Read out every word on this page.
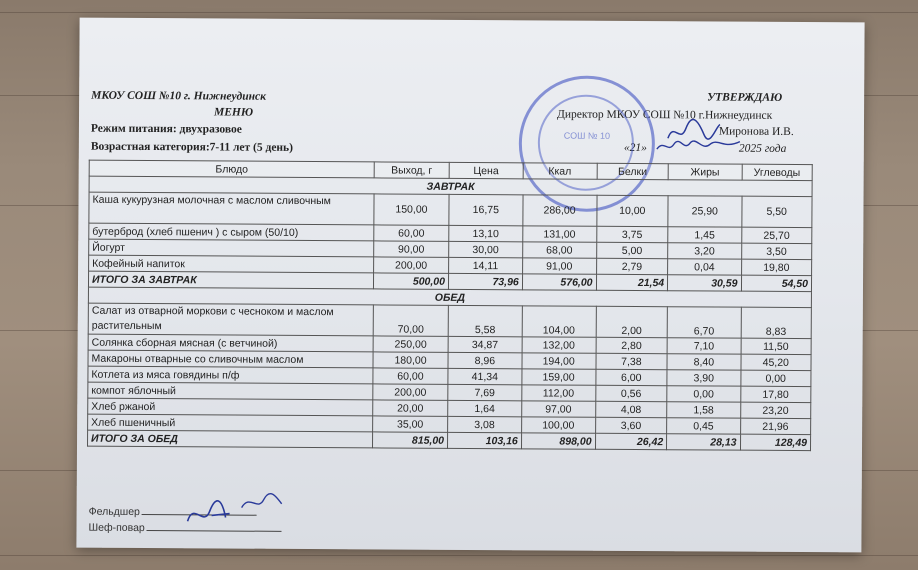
МКОУ СОШ №10 г. Нижнеудинск
МЕНЮ
Режим питания: двухразовое
Возрастная категория:7-11 лет (5 день)
УТВЕРЖДАЮ
Директор МКОУ СОШ №10 г.Нижнеудинск
Миронова И.В.
«21»	2025 года
СОШ № 10
Блюдо	Выход, г	Цена	Ккал	Белки	Жиры	Углеводы
ЗАВТРАК						
Каша кукурузная молочная с маслом сливочным	150,00	16,75	286,00	10,00	25,90	5,50
бутерброд (хлеб пшенич ) с сыром (50/10)	60,00	13,10	131,00	3,75	1,45	25,70
Йогурт	90,00	30,00	68,00	5,00	3,20	3,50
Кофейный напиток	200,00	14,11	91,00	2,79	0,04	19,80
ИТОГО ЗА ЗАВТРАК	500,00	73,96	576,00	21,54	30,59	54,50
ОБЕД						
Салат из отварной моркови с чесноком и маслом растительным	70,00	5,58	104,00	2,00	6,70	8,83
Солянка сборная мясная (с ветчиной)	250,00	34,87	132,00	2,80	7,10	11,50
Макароны отварные со сливочным маслом	180,00	8,96	194,00	7,38	8,40	45,20
Котлета из мяса говядины п/ф	60,00	41,34	159,00	6,00	3,90	0,00
компот яблочный	200,00	7,69	112,00	0,56	0,00	17,80
Хлеб ржаной	20,00	1,64	97,00	4,08	1,58	23,20
Хлеб пшеничный	35,00	3,08	100,00	3,60	0,45	21,96
ИТОГО ЗА ОБЕД	815,00	103,16	898,00	26,42	28,13	128,49
Фельдшер
Шеф-повар
